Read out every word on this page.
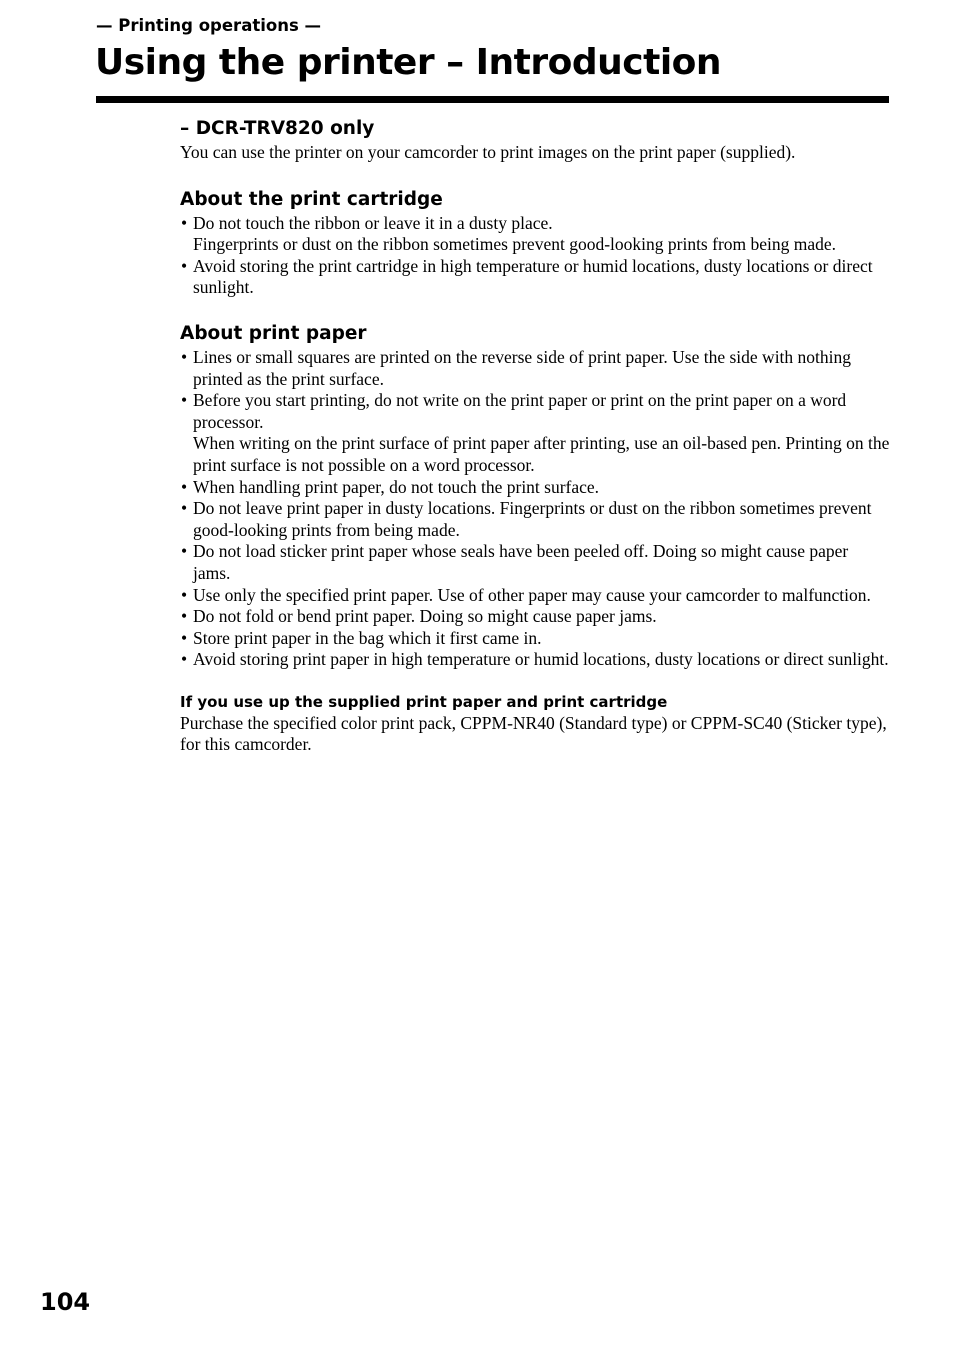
— Printing operations —
Using the printer – Introduction
– DCR-TRV820 only

You can use the printer on your camcorder to print images on the print paper (supplied).

About the print cartridge
• Do not touch the ribbon or leave it in a dusty place.
Fingerprints or dust on the ribbon sometimes prevent good-looking prints from being made.
• Avoid storing the print cartridge in high temperature or humid locations, dusty locations or direct sunlight.
About print paper
• Lines or small squares are printed on the reverse side of print paper. Use the side with nothing printed as the print surface.
• Before you start printing, do not write on the print paper or print on the print paper on a word processor.
When writing on the print surface of print paper after printing, use an oil-based pen. Printing on the print surface is not possible on a word processor.
• When handling print paper, do not touch the print surface.
• Do not leave print paper in dusty locations. Fingerprints or dust on the ribbon sometimes prevent good-looking prints from being made.
• Do not load sticker print paper whose seals have been peeled off. Doing so might cause paper jams.
• Use only the specified print paper. Use of other paper may cause your camcorder to malfunction.
• Do not fold or bend print paper. Doing so might cause paper jams.
• Store print paper in the bag which it first came in.
• Avoid storing print paper in high temperature or humid locations, dusty locations or direct sunlight.
If you use up the supplied print paper and print cartridge

Purchase the specified color print pack, CPPM-NR40 (Standard type) or CPPM-SC40 (Sticker type), for this camcorder.

104
